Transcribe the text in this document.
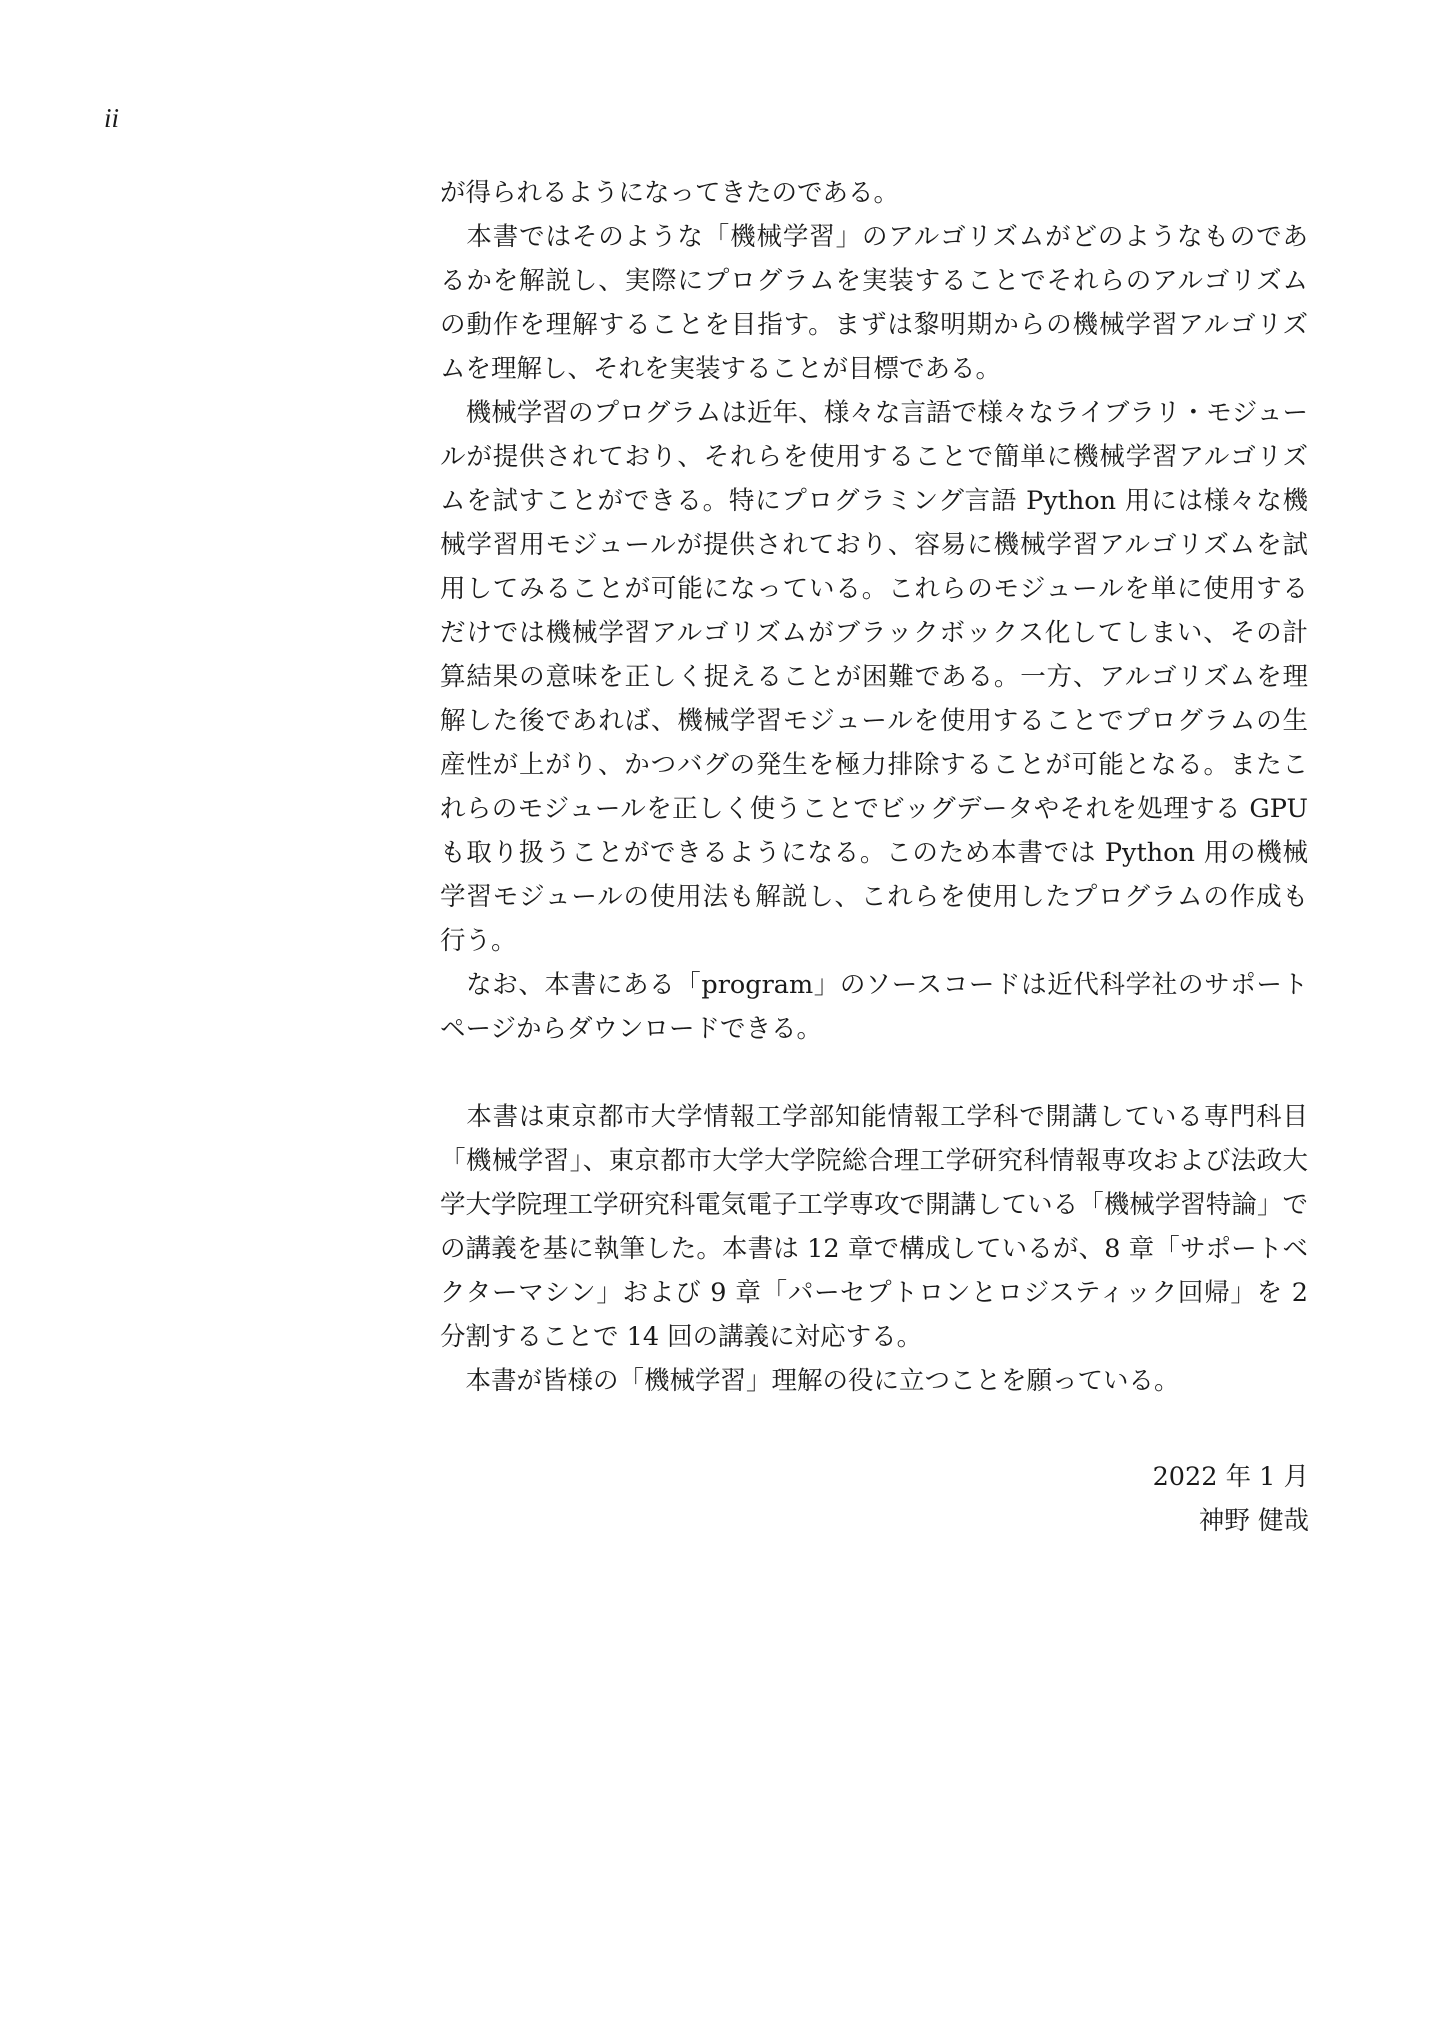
ii
が得られるようになってきたのである。
　本書ではそのような「機械学習」のアルゴリズムがどのようなものであ
るかを解説し、実際にプログラムを実装することでそれらのアルゴリズム
の動作を理解することを目指す。まずは黎明期からの機械学習アルゴリズ
ムを理解し、それを実装することが目標である。
　機械学習のプログラムは近年、様々な言語で様々なライブラリ・モジュー
ルが提供されており、それらを使用することで簡単に機械学習アルゴリズ
ムを試すことができる。特にプログラミング言語 Python 用には様々な機
械学習用モジュールが提供されており、容易に機械学習アルゴリズムを試
用してみることが可能になっている。これらのモジュールを単に使用する
だけでは機械学習アルゴリズムがブラックボックス化してしまい、その計
算結果の意味を正しく捉えることが困難である。一方、アルゴリズムを理
解した後であれば、機械学習モジュールを使用することでプログラムの生
産性が上がり、かつバグの発生を極力排除することが可能となる。またこ
れらのモジュールを正しく使うことでビッグデータやそれを処理する GPU
も取り扱うことができるようになる。このため本書では Python 用の機械
学習モジュールの使用法も解説し、これらを使用したプログラムの作成も
行う。
　なお、本書にある「program」のソースコードは近代科学社のサポート
ページからダウンロードできる。
　本書は東京都市大学情報工学部知能情報工学科で開講している専門科目
「機械学習」、東京都市大学大学院総合理工学研究科情報専攻および法政大
学大学院理工学研究科電気電子工学専攻で開講している「機械学習特論」で
の講義を基に執筆した。本書は 12 章で構成しているが、8 章「サポートベ
クターマシン」および 9 章「パーセプトロンとロジスティック回帰」を 2
分割することで 14 回の講義に対応する。
　本書が皆様の「機械学習」理解の役に立つことを願っている。
2022 年 1 月
神野 健哉
